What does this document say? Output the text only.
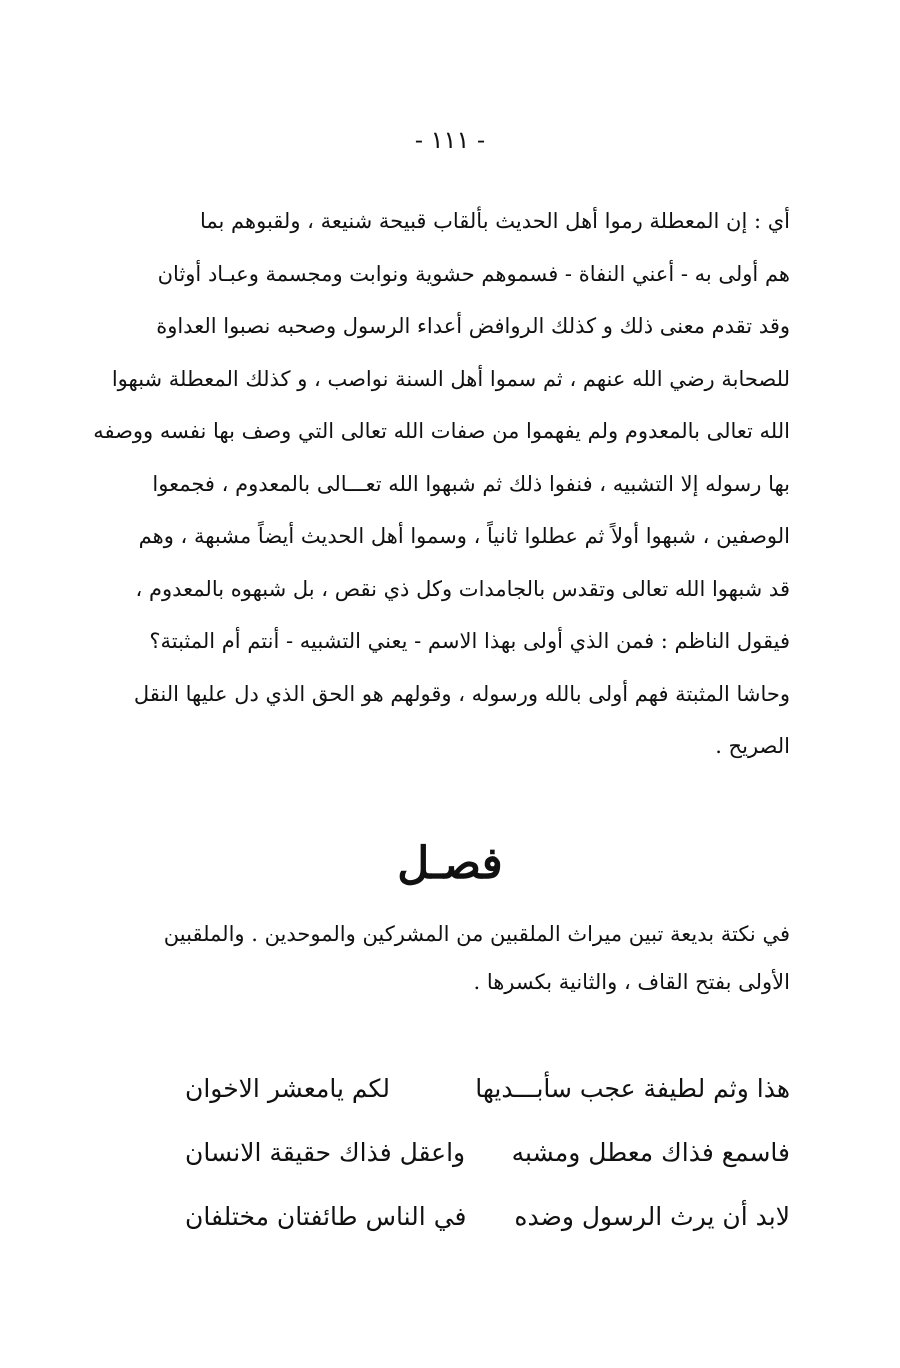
- ١١١ -
أي : إن المعطلة رموا أهل الحديث بألقاب قبيحة شنيعة ، ولقبوهم بما
هم أولى به - أعني النفاة - فسموهم حشوية ونوابت ومجسمة وعبـاد أوثان
وقد تقدم معنى ذلك و كذلك الروافض أعداء الرسول وصحبه نصبوا العداوة
للصحابة رضي الله عنهم ، ثم سموا أهل السنة نواصب ، و كذلك المعطلة شبهوا
الله تعالى بالمعدوم ولم يفهموا من صفات الله تعالى التي وصف بها نفسه ووصفه
بها رسوله إلا التشبيه ، فنفوا ذلك ثم شبهوا الله تعـــالى بالمعدوم ، فجمعوا
الوصفين ، شبهوا أولاً ثم عطلوا ثانياً ، وسموا أهل الحديث أيضاً مشبهة ، وهم
قد شبهوا الله تعالى وتقدس بالجامدات وكل ذي نقص ، بل شبهوه بالمعدوم ،
فيقول الناظم : فمن الذي أولى بهذا الاسم - يعني التشبيه - أنتم أم المثبتة؟
وحاشا المثبتة فهم أولى بالله ورسوله ، وقولهم هو الحق الذي دل عليها النقل
الصريح .
فصـل
في نكتة بديعة تبين ميراث الملقبين من المشركين والموحدين . والملقبين
الأولى بفتح القاف ، والثانية بكسرها .
هذا وثم لطيفة عجب سأبـــديها
لكم يامعشر الاخوان
فاسمع فذاك معطل ومشبه
واعقل فذاك حقيقة الانسان
لابد أن يرث الرسول وضده
في الناس طائفتان مختلفان
